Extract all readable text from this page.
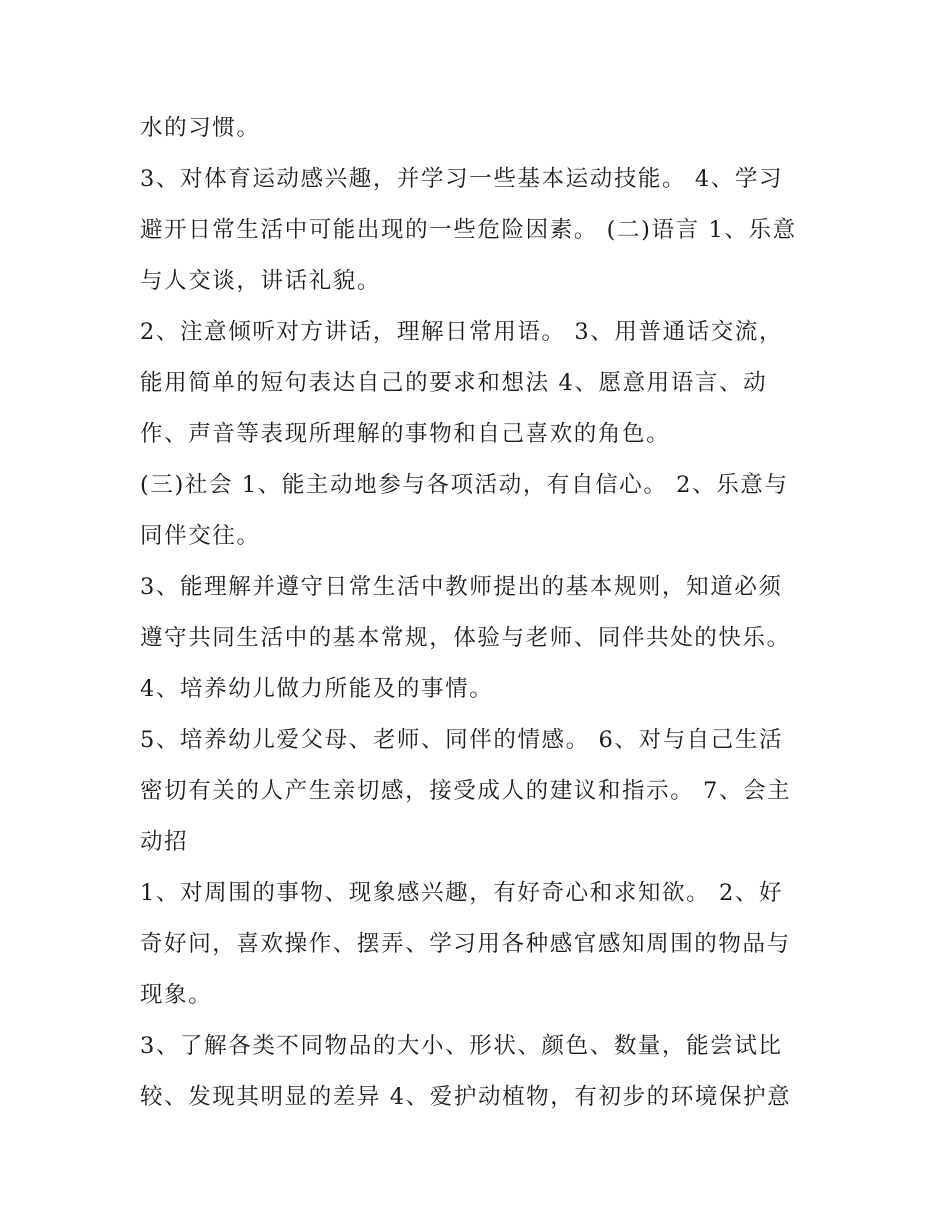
水的习惯。
3、对体育运动感兴趣，并学习一些基本运动技能。 4、学习
避开日常生活中可能出现的一些危险因素。 (二)语言 1、乐意
与人交谈，讲话礼貌。
2、注意倾听对方讲话，理解日常用语。 3、用普通话交流，
能用简单的短句表达自己的要求和想法 4、愿意用语言、动
作、声音等表现所理解的事物和自己喜欢的角色。
(三)社会 1、能主动地参与各项活动，有自信心。 2、乐意与
同伴交往。
3、能理解并遵守日常生活中教师提出的基本规则，知道必须
遵守共同生活中的基本常规，体验与老师、同伴共处的快乐。
4、培养幼儿做力所能及的事情。
5、培养幼儿爱父母、老师、同伴的情感。 6、对与自己生活
密切有关的人产生亲切感，接受成人的建议和指示。 7、会主
动招
1、对周围的事物、现象感兴趣，有好奇心和求知欲。 2、好
奇好问，喜欢操作、摆弄、学习用各种感官感知周围的物品与
现象。
3、了解各类不同物品的大小、形状、颜色、数量，能尝试比
较、发现其明显的差异 4、爱护动植物，有初步的环境保护意
